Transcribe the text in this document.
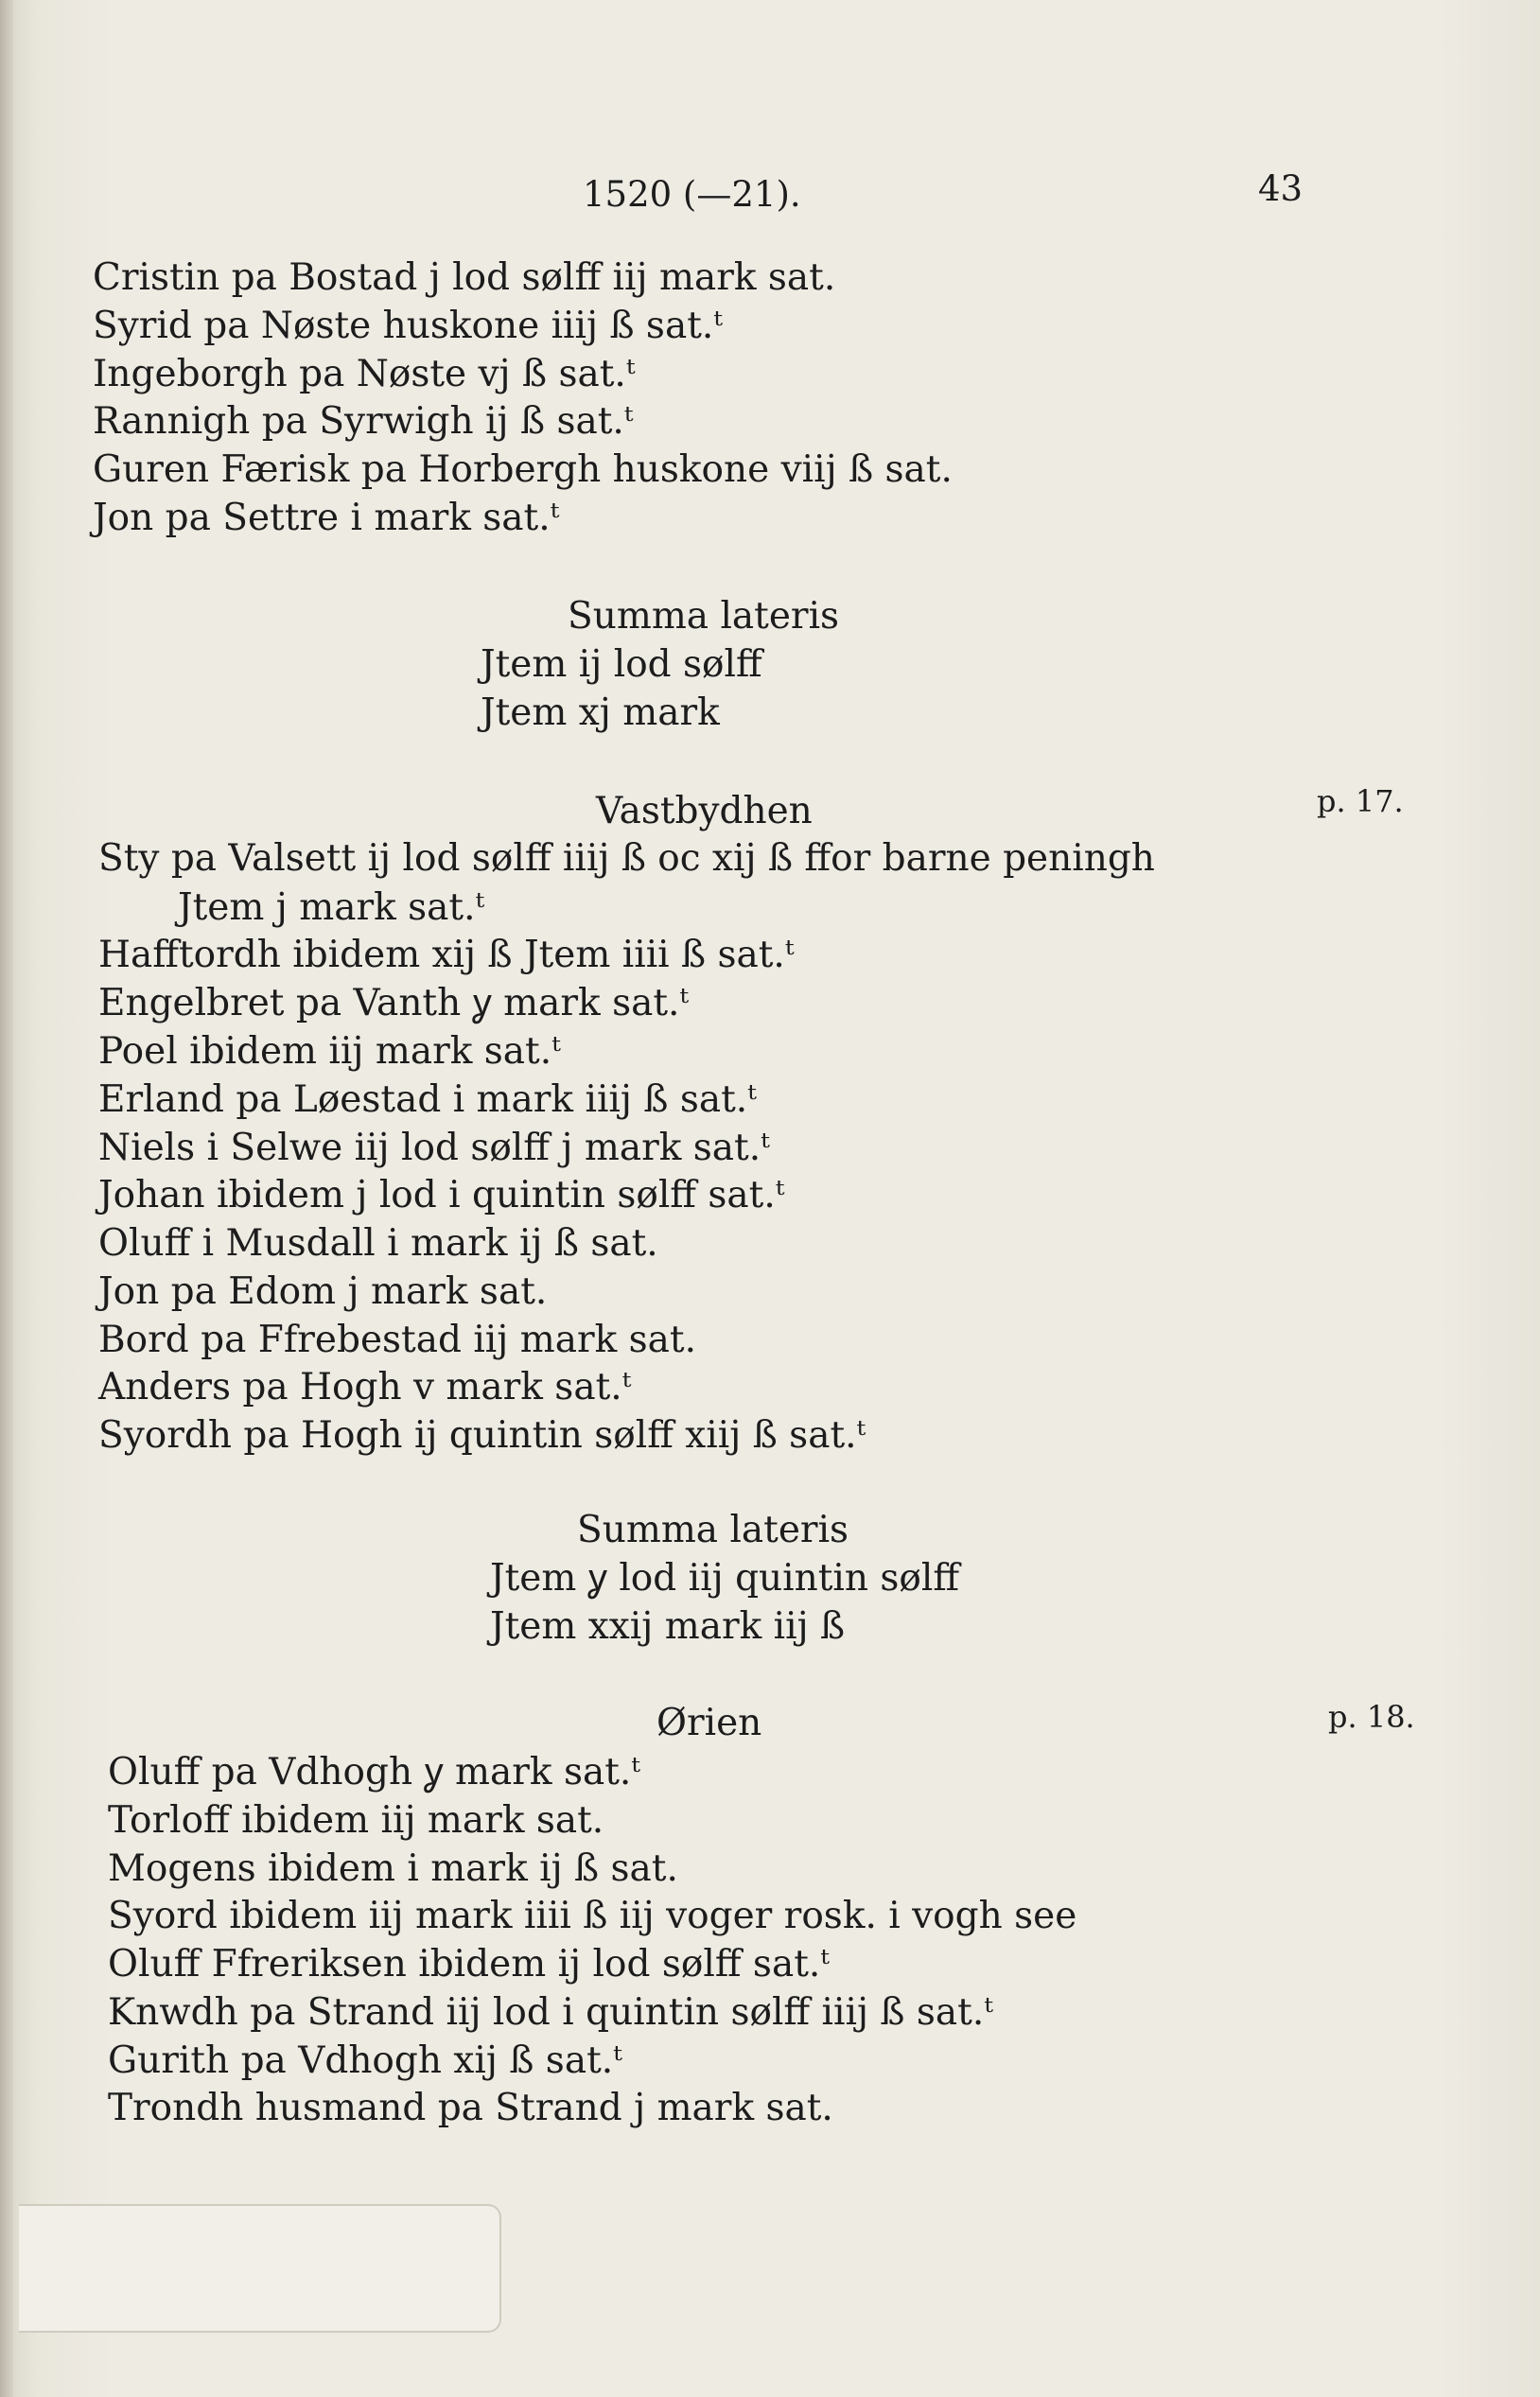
1520 (—21).	43
Cristin pa Bostad j lod sølff iij mark sat.
Syrid pa Nøste huskone iiij ß sat.ᵗ
Ingeborgh pa Nøste vj ß sat.ᵗ
Rannigh pa Syrwigh ij ß sat.ᵗ
Guren Færisk pa Horbergh huskone viij ß sat.
Jon pa Settre i mark sat.ᵗ
Summa lateris
Jtem ij lod sølff
Jtem xj mark
Vastbydhen	p. 17.
Sty pa Valsett ij lod sølff iiij ß oc xij ß ffor barne peningh
Jtem j mark sat.ᵗ
Hafftordh ibidem xij ß Jtem iiii ß sat.ᵗ
Engelbret pa Vanth ỿ mark sat.ᵗ
Poel ibidem iij mark sat.ᵗ
Erland pa Løestad i mark iiij ß sat.ᵗ
Niels i Selwe iij lod sølff j mark sat.ᵗ
Johan ibidem j lod i quintin sølff sat.ᵗ
Oluff i Musdall i mark ij ß sat.
Jon pa Edom j mark sat.
Bord pa Ffrebestad iij mark sat.
Anders pa Hogh v mark sat.ᵗ
Syordh pa Hogh ij quintin sølff xiij ß sat.ᵗ
Summa lateris
Jtem ỿ lod iij quintin sølff
Jtem xxij mark iij ß
Ørien	p. 18.
Oluff pa Vdhogh ỿ mark sat.ᵗ
Torloff ibidem iij mark sat.
Mogens ibidem i mark ij ß sat.
Syord ibidem iij mark iiii ß iij voger rosk. i vogh see
Oluff Ffreriksen ibidem ij lod sølff sat.ᵗ
Knwdh pa Strand iij lod i quintin sølff iiij ß sat.ᵗ
Gurith pa Vdhogh xij ß sat.ᵗ
Trondh husmand pa Strand j mark sat.
